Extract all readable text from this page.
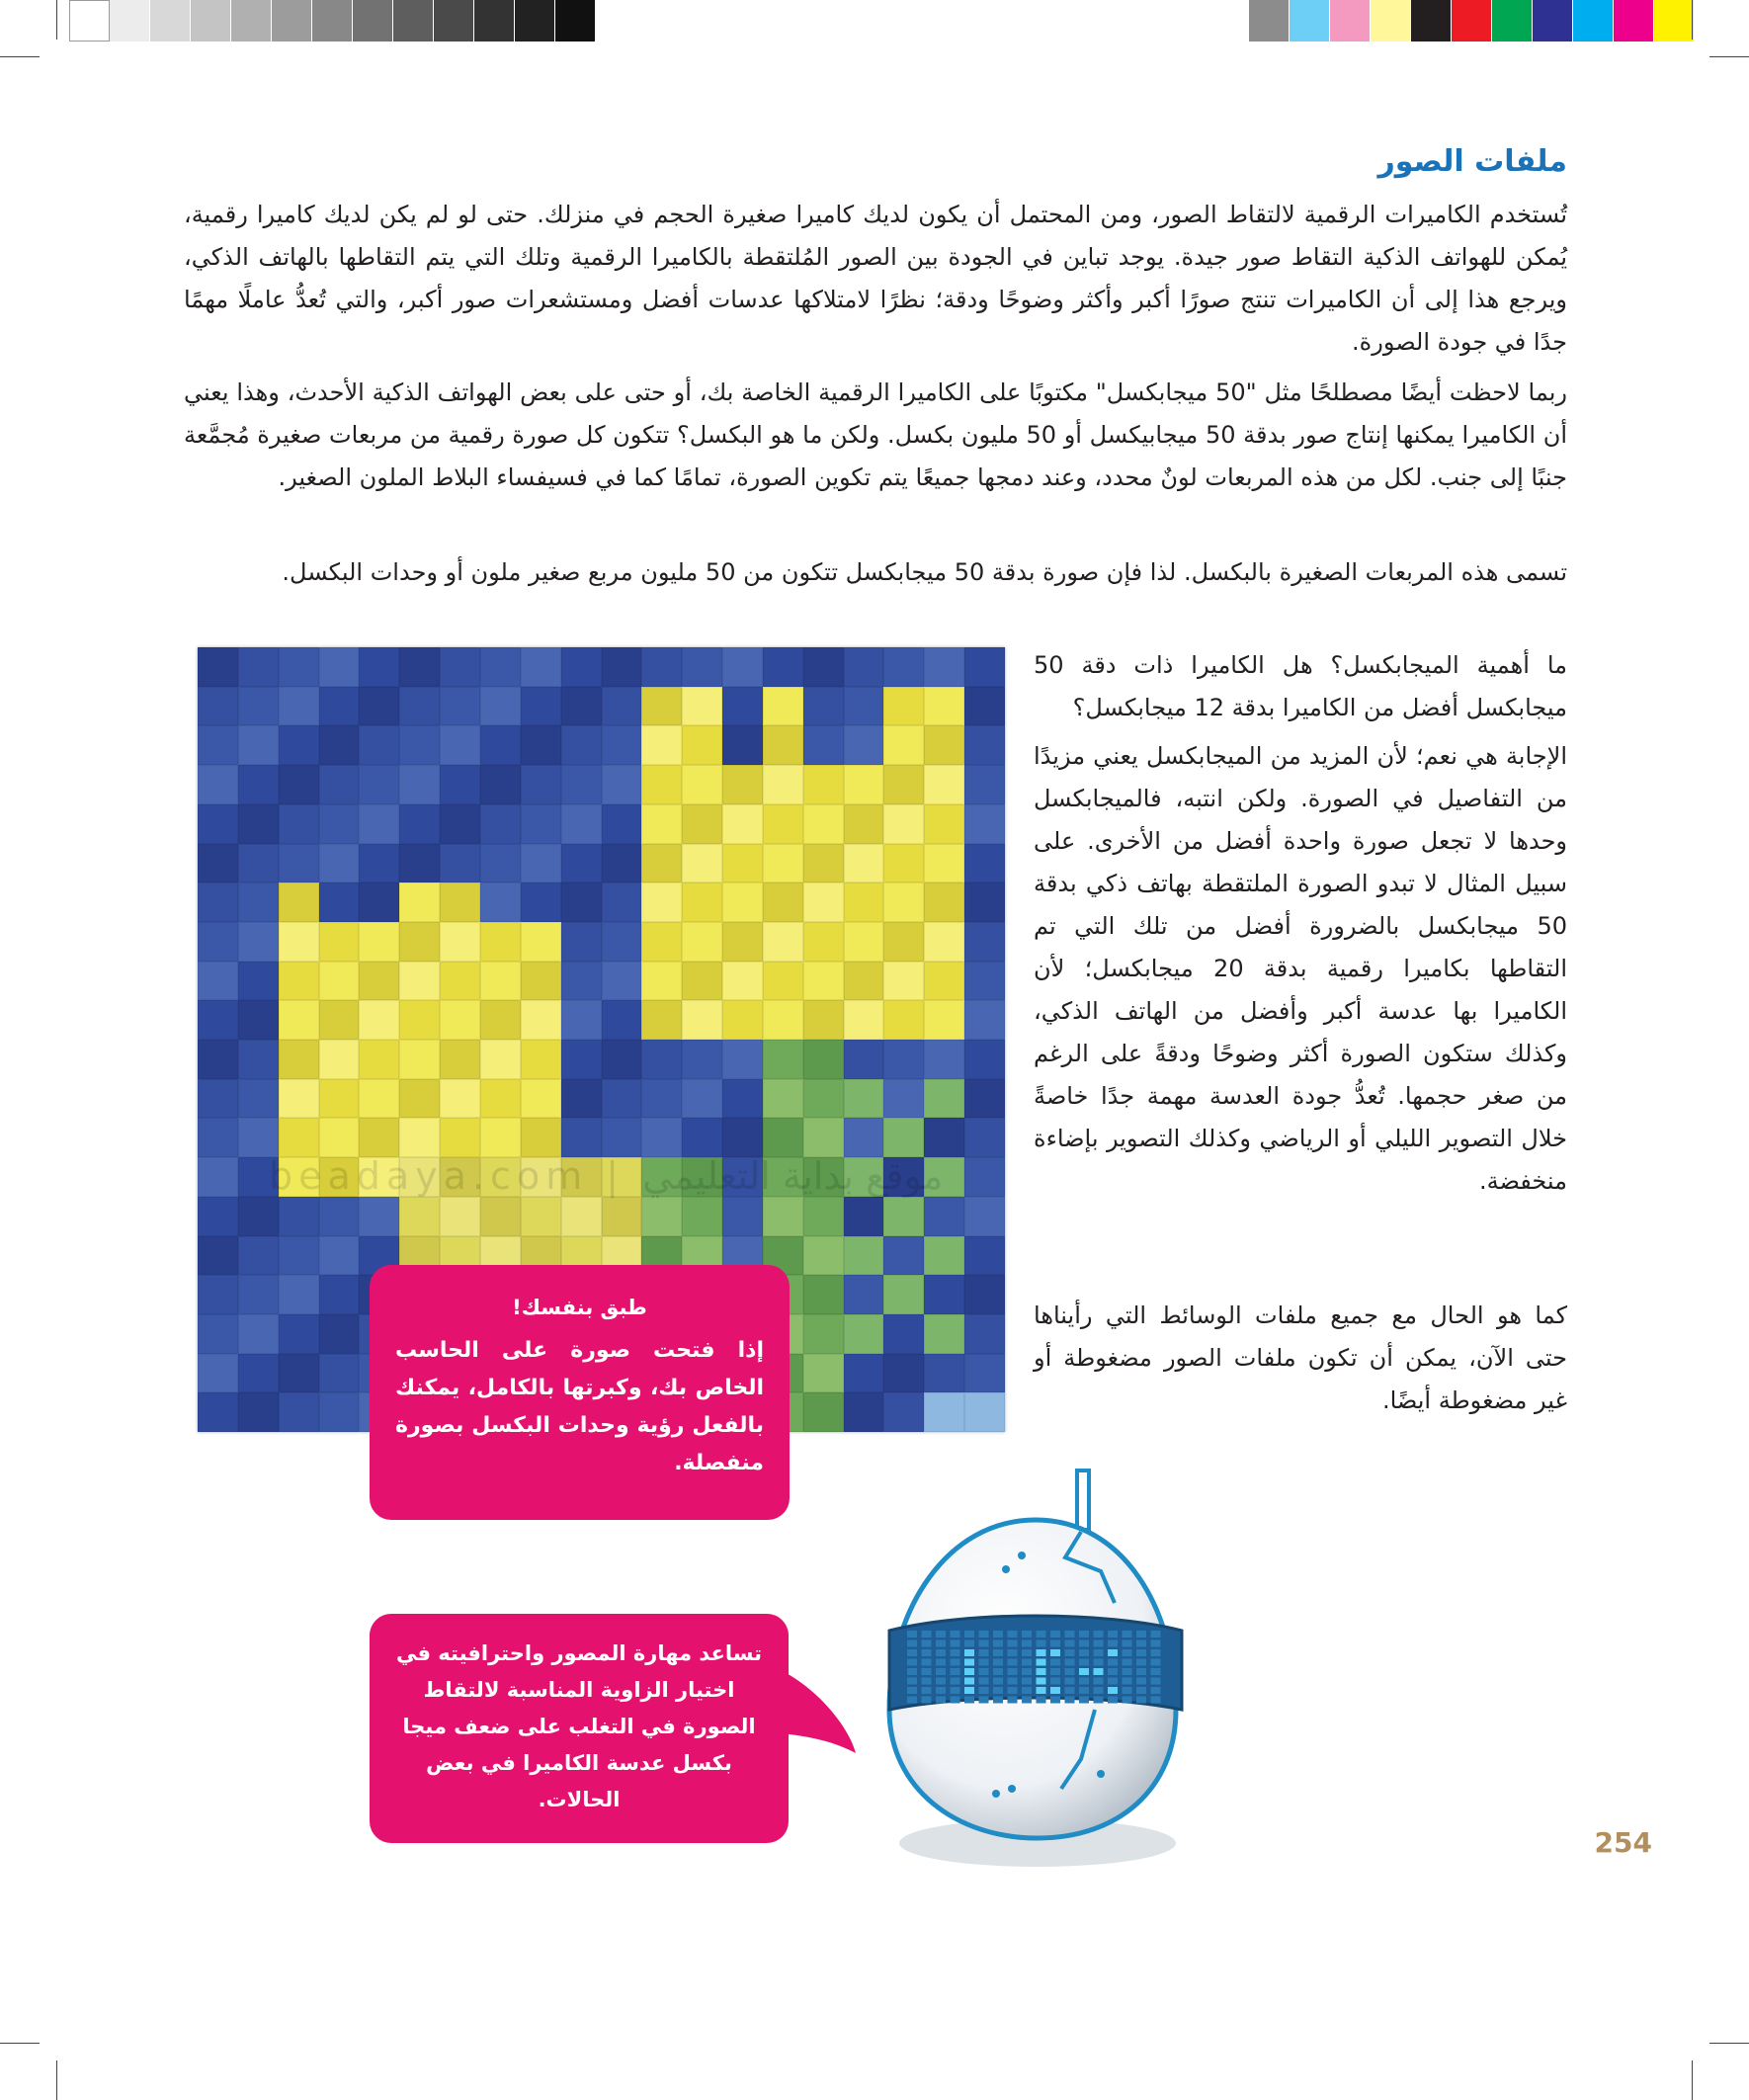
ملفات الصور

تُستخدم الكاميرات الرقمية لالتقاط الصور، ومن المحتمل أن يكون لديك كاميرا صغيرة الحجم في منزلك. حتى لو لم يكن لديك كاميرا رقمية، يُمكن للهواتف الذكية التقاط صور جيدة. يوجد تباين في الجودة بين الصور المُلتقطة بالكاميرا الرقمية وتلك التي يتم التقاطها بالهاتف الذكي، ويرجع هذا إلى أن الكاميرات تنتج صورًا أكبر وأكثر وضوحًا ودقة؛ نظرًا لامتلاكها عدسات أفضل ومستشعرات صور أكبر، والتي تُعدُّ عاملًا مهمًا جدًا في جودة الصورة.

ربما لاحظت أيضًا مصطلحًا مثل "50 ميجابكسل" مكتوبًا على الكاميرا الرقمية الخاصة بك، أو حتى على بعض الهواتف الذكية الأحدث، وهذا يعني أن الكاميرا يمكنها إنتاج صور بدقة 50 ميجابيكسل أو 50 مليون بكسل. ولكن ما هو البكسل؟ تتكون كل صورة رقمية من مربعات صغيرة مُجمَّعة جنبًا إلى جنب. لكل من هذه المربعات لونٌ محدد، وعند دمجها جميعًا يتم تكوين الصورة، تمامًا كما في فسيفساء البلاط الملون الصغير.

تسمى هذه المربعات الصغيرة بالبكسل. لذا فإن صورة بدقة 50 ميجابكسل تتكون من 50 مليون مربع صغير ملون أو وحدات البكسل.

beadaya.com | موقع بداية التعليمي

ما أهمية الميجابكسل؟ هل الكاميرا ذات دقة 50 ميجابكسل أفضل من الكاميرا بدقة 12 ميجابكسل؟

الإجابة هي نعم؛ لأن المزيد من الميجابكسل يعني مزيدًا من التفاصيل في الصورة. ولكن انتبه، فالميجابكسل وحدها لا تجعل صورة واحدة أفضل من الأخرى. على سبيل المثال لا تبدو الصورة الملتقطة بهاتف ذكي بدقة 50 ميجابكسل بالضرورة أفضل من تلك التي تم التقاطها بكاميرا رقمية بدقة 20 ميجابكسل؛ لأن الكاميرا بها عدسة أكبر وأفضل من الهاتف الذكي، وكذلك ستكون الصورة أكثر وضوحًا ودقةً على الرغم من صغر حجمها. تُعدُّ جودة العدسة مهمة جدًا خاصةً خلال التصوير الليلي أو الرياضي وكذلك التصوير بإضاءة منخفضة.

كما هو الحال مع جميع ملفات الوسائط التي رأيناها حتى الآن، يمكن أن تكون ملفات الصور مضغوطة أو غير مضغوطة أيضًا.

طبق بنفسك!
إذا فتحت صورة على الحاسب الخاص بك، وكبرتها بالكامل، يمكنك بالفعل رؤية وحدات البكسل بصورة منفصلة.
تساعد مهارة المصور واحترافيته في اختيار الزاوية المناسبة لالتقاط الصورة في التغلب على ضعف ميجا بكسل عدسة الكاميرا في بعض الحالات.
254
